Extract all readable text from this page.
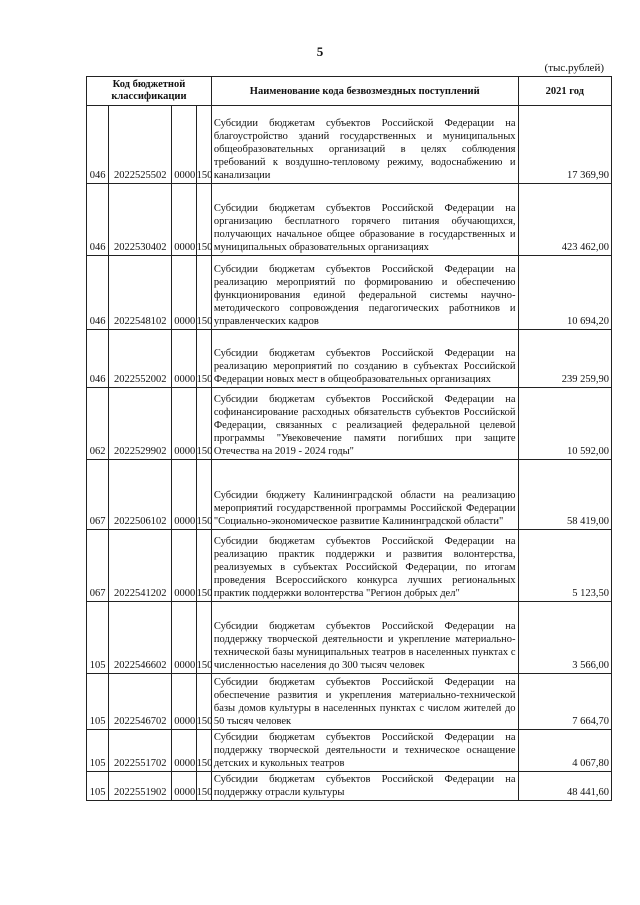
5
(тыс.рублей)
Код бюджетной классификации				Наименование кода безвозмездных поступлений	2021 год
046	2022525502	0000	150	Субсидии бюджетам субъектов Российской Федерации на благоустройство зданий государственных и муниципальных общеобразовательных организаций в целях соблюдения требований к воздушно-тепловому режиму, водоснабжению и канализации	17 369,90
046	2022530402	0000	150	Субсидии бюджетам субъектов Российской Федерации на организацию бесплатного горячего питания обучающихся, получающих начальное общее образование в государственных и муниципальных образовательных организациях	423 462,00
046	2022548102	0000	150	Субсидии бюджетам субъектов Российской Федерации на реализацию мероприятий по формированию и обеспечению функционирования единой федеральной системы научно-методического сопровождения педагогических работников и управленческих кадров	10 694,20
046	2022552002	0000	150	Субсидии бюджетам субъектов Российской Федерации на реализацию мероприятий по созданию в субъектах Российской Федерации новых мест в общеобразовательных организациях	239 259,90
062	2022529902	0000	150	Субсидии бюджетам субъектов Российской Федерации на софинансирование расходных обязательств субъектов Российской Федерации, связанных с реализацией федеральной целевой программы "Увековечение памяти погибших при защите Отечества на 2019 - 2024 годы"	10 592,00
067	2022506102	0000	150	Субсидии бюджету Калининградской области на реализацию мероприятий государственной программы Российской Федерации "Социально-экономическое развитие Калининградской области"	58 419,00
067	2022541202	0000	150	Субсидии бюджетам субъектов Российской Федерации на реализацию практик поддержки и развития волонтерства, реализуемых в субъектах Российской Федерации, по итогам проведения Всероссийского конкурса лучших региональных практик поддержки волонтерства "Регион добрых дел"	5 123,50
105	2022546602	0000	150	Субсидии бюджетам субъектов Российской Федерации на поддержку творческой деятельности и укрепление материально-технической базы муниципальных театров в населенных пунктах с численностью населения до 300 тысяч человек	3 566,00
105	2022546702	0000	150	Субсидии бюджетам субъектов Российской Федерации на обеспечение развития и укрепления материально-технической базы домов культуры в населенных пунктах с числом жителей до 50 тысяч человек	7 664,70
105	2022551702	0000	150	Субсидии бюджетам субъектов Российской Федерации на поддержку творческой деятельности и техническое оснащение детских и кукольных театров	4 067,80
105	2022551902	0000	150	Субсидии бюджетам субъектов Российской Федерации на поддержку отрасли культуры	48 441,60
